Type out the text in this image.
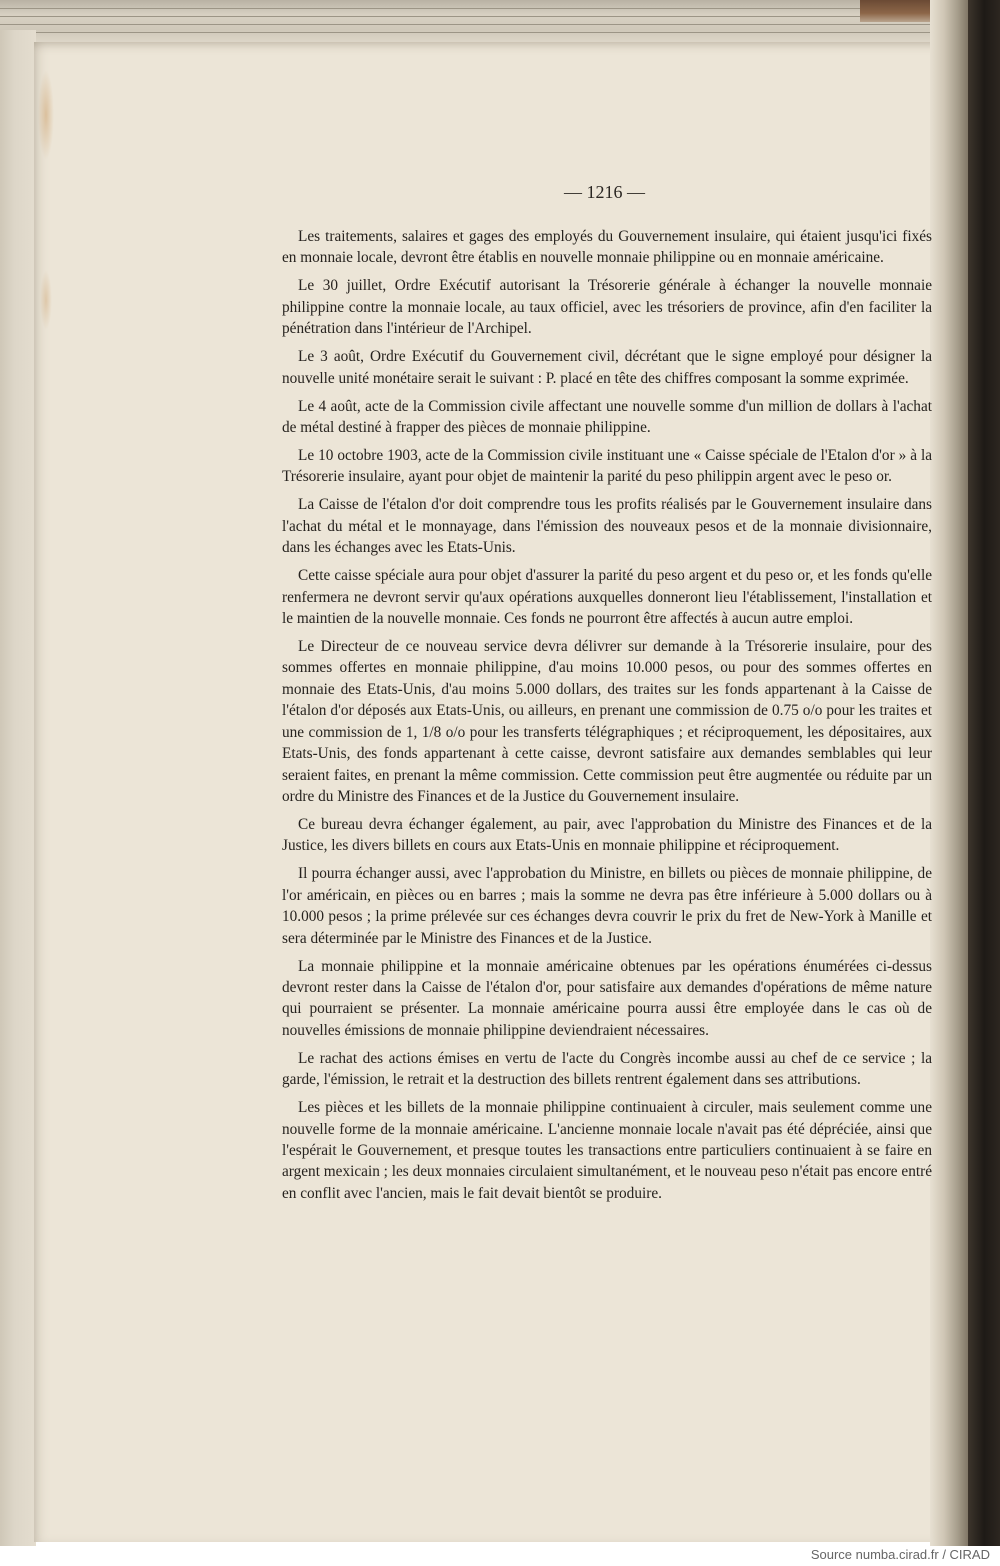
— 1216 —

Les traitements, salaires et gages des employés du Gouvernement insulaire, qui étaient jusqu'ici fixés en monnaie locale, devront être établis en nouvelle monnaie philippine ou en monnaie américaine.

Le 30 juillet, Ordre Exécutif autorisant la Trésorerie générale à échanger la nouvelle monnaie philippine contre la monnaie locale, au taux officiel, avec les trésoriers de province, afin d'en faciliter la pénétration dans l'intérieur de l'Archipel.

Le 3 août, Ordre Exécutif du Gouvernement civil, décrétant que le signe employé pour désigner la nouvelle unité monétaire serait le suivant : P. placé en tête des chiffres composant la somme exprimée.

Le 4 août, acte de la Commission civile affectant une nouvelle somme d'un million de dollars à l'achat de métal destiné à frapper des pièces de monnaie philippine.

Le 10 octobre 1903, acte de la Commission civile instituant une « Caisse spéciale de l'Etalon d'or » à la Trésorerie insulaire, ayant pour objet de maintenir la parité du peso philippin argent avec le peso or.

La Caisse de l'étalon d'or doit comprendre tous les profits réalisés par le Gouvernement insulaire dans l'achat du métal et le monnayage, dans l'émission des nouveaux pesos et de la monnaie divisionnaire, dans les échanges avec les Etats-Unis.

Cette caisse spéciale aura pour objet d'assurer la parité du peso argent et du peso or, et les fonds qu'elle renfermera ne devront servir qu'aux opérations auxquelles donneront lieu l'établissement, l'installation et le maintien de la nouvelle monnaie. Ces fonds ne pourront être affectés à aucun autre emploi.

Le Directeur de ce nouveau service devra délivrer sur demande à la Trésorerie insulaire, pour des sommes offertes en monnaie philippine, d'au moins 10.000 pesos, ou pour des sommes offertes en monnaie des Etats-Unis, d'au moins 5.000 dollars, des traites sur les fonds appartenant à la Caisse de l'étalon d'or déposés aux Etats-Unis, ou ailleurs, en prenant une commission de 0.75 o/o pour les traites et une commission de 1, 1/8 o/o pour les transferts télégraphiques ; et réciproquement, les dépositaires, aux Etats-Unis, des fonds appartenant à cette caisse, devront satisfaire aux demandes semblables qui leur seraient faites, en prenant la même commission. Cette commission peut être augmentée ou réduite par un ordre du Ministre des Finances et de la Justice du Gouvernement insulaire.

Ce bureau devra échanger également, au pair, avec l'approbation du Ministre des Finances et de la Justice, les divers billets en cours aux Etats-Unis en monnaie philippine et réciproquement.

Il pourra échanger aussi, avec l'approbation du Ministre, en billets ou pièces de monnaie philippine, de l'or américain, en pièces ou en barres ; mais la somme ne devra pas être inférieure à 5.000 dollars ou à 10.000 pesos ; la prime prélevée sur ces échanges devra couvrir le prix du fret de New-York à Manille et sera déterminée par le Ministre des Finances et de la Justice.

La monnaie philippine et la monnaie américaine obtenues par les opérations énumérées ci-dessus devront rester dans la Caisse de l'étalon d'or, pour satisfaire aux demandes d'opérations de même nature qui pourraient se présenter. La monnaie américaine pourra aussi être employée dans le cas où de nouvelles émissions de monnaie philippine deviendraient nécessaires.

Le rachat des actions émises en vertu de l'acte du Congrès incombe aussi au chef de ce service ; la garde, l'émission, le retrait et la destruction des billets rentrent également dans ses attributions.

Les pièces et les billets de la monnaie philippine continuaient à circuler, mais seulement comme une nouvelle forme de la monnaie américaine. L'ancienne monnaie locale n'avait pas été dépréciée, ainsi que l'espérait le Gouvernement, et presque toutes les transactions entre particuliers continuaient à se faire en argent mexicain ; les deux monnaies circulaient simultanément, et le nouveau peso n'était pas encore entré en conflit avec l'ancien, mais le fait devait bientôt se produire.

Source numba.cirad.fr / CIRAD
